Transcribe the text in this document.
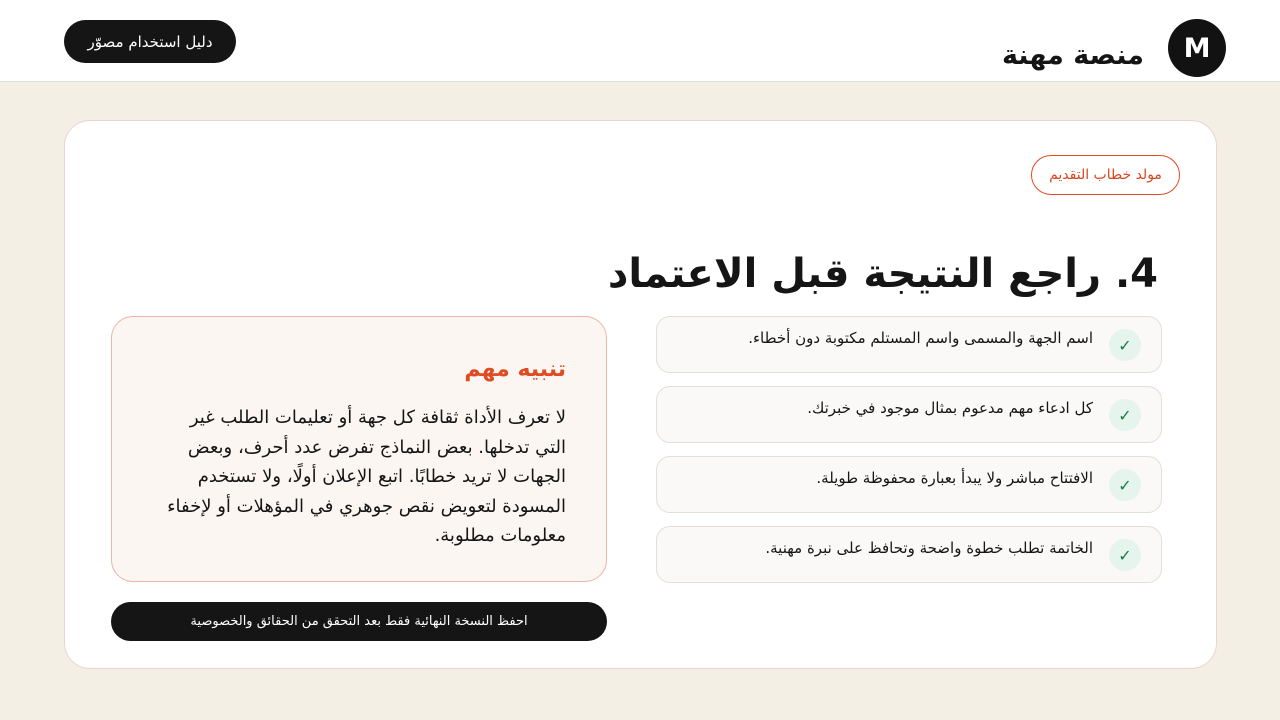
M
منصة مهنة
دليل استخدام مصوّر
مولد خطاب التقديم
4. راجع النتيجة قبل الاعتماد
✓
اسم الجهة والمسمى واسم المستلم مكتوبة دون أخطاء.
✓
كل ادعاء مهم مدعوم بمثال موجود في خبرتك.
✓
الافتتاح مباشر ولا يبدأ بعبارة محفوظة طويلة.
✓
الخاتمة تطلب خطوة واضحة وتحافظ على نبرة مهنية.
تنبيه مهم

لا تعرف الأداة ثقافة كل جهة أو تعليمات الطلب غير التي تدخلها. بعض النماذج تفرض عدد أحرف، وبعض الجهات لا تريد خطابًا. اتبع الإعلان أولًا، ولا تستخدم المسودة لتعويض نقص جوهري في المؤهلات أو لإخفاء معلومات مطلوبة.

احفظ النسخة النهائية فقط بعد التحقق من الحقائق والخصوصية
